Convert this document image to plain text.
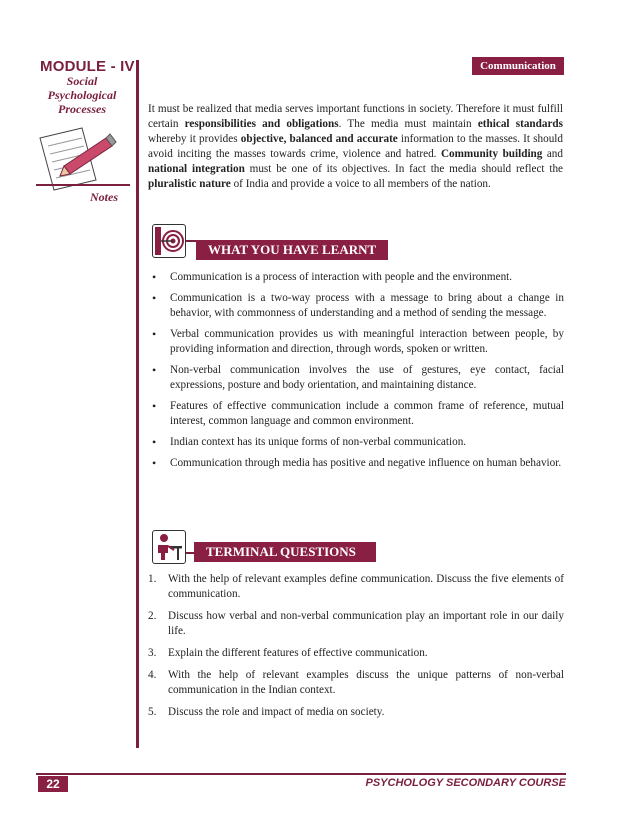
MODULE - IV
Social
Psychological
Processes
Notes
Communication
It must be realized that media serves important functions in society. Therefore it must fulfill certain responsibilities and obligations. The media must maintain ethical standards whereby it provides objective, balanced and accurate information to the masses. It should avoid inciting the masses towards crime, violence and hatred. Community building and national integration must be one of its objectives. In fact the media should reflect the pluralistic nature of India and provide a voice to all members of the nation.
WHAT YOU HAVE LEARNT
• Communication is a process of interaction with people and the environment.
• Communication is a two-way process with a message to bring about a change in behavior, with commonness of understanding and a method of sending the message.
• Verbal communication provides us with meaningful interaction between people, by providing information and direction, through words, spoken or written.
• Non-verbal communication involves the use of gestures, eye contact, facial expressions, posture and body orientation, and maintaining distance.
• Features of effective communication include a common frame of reference, mutual interest, common language and common environment.
• Indian context has its unique forms of non-verbal communication.
• Communication through media has positive and negative influence on human behavior.
TERMINAL QUESTIONS
1. With the help of relevant examples define communication. Discuss the five elements of communication.
2. Discuss how verbal and non-verbal communication play an important role in our daily life.
3. Explain the different features of effective communication.
4. With the help of relevant examples discuss the unique patterns of non-verbal communication in the Indian context.
5. Discuss the role and impact of media on society.
22	PSYCHOLOGY SECONDARY COURSE
